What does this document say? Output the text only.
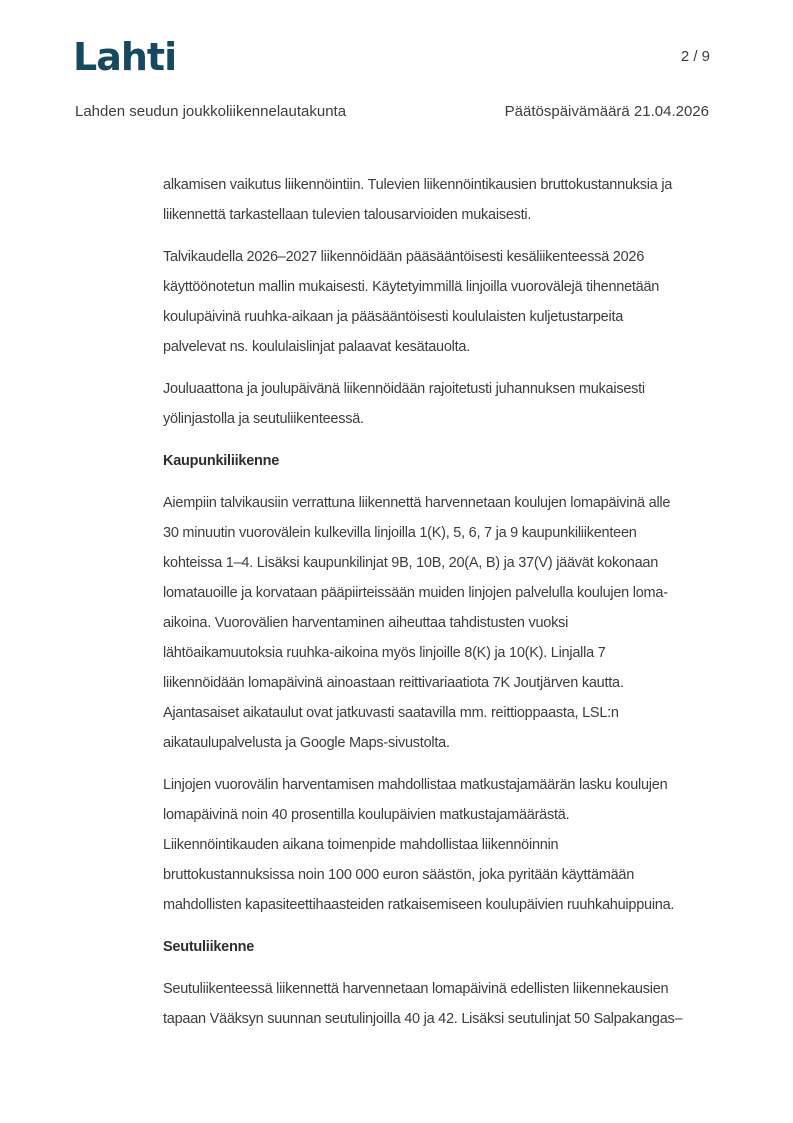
Lahti	2 / 9
Lahden seudun joukkoliikennelautakunta	Päätöspäivämäärä 21.04.2026
alkamisen vaikutus liikennöintiin. Tulevien liikennöintikausien bruttokustannuksia ja
liikennettä tarkastellaan tulevien talousarvioiden mukaisesti.
Talvikaudella 2026–2027 liikennöidään pääsääntöisesti kesäliikenteessä 2026
käyttöönotetun mallin mukaisesti. Käytetyimmillä linjoilla vuorovälejä tihennetään
koulupäivinä ruuhka-aikaan ja pääsääntöisesti koululaisten kuljetustarpeita
palvelevat ns. koululaislinjat palaavat kesätauolta.
Jouluaattona ja joulupäivänä liikennöidään rajoitetusti juhannuksen mukaisesti
yölinjastolla ja seutuliikenteessä.
Kaupunkiliikenne
Aiempiin talvikausiin verrattuna liikennettä harvennetaan koulujen lomapäivinä alle
30 minuutin vuorovälein kulkevilla linjoilla 1(K), 5, 6, 7 ja 9 kaupunkiliikenteen
kohteissa 1–4. Lisäksi kaupunkilinjat 9B, 10B, 20(A, B) ja 37(V) jäävät kokonaan
lomatauoille ja korvataan pääpiirteissään muiden linjojen palvelulla koulujen loma-
aikoina. Vuorovälien harventaminen aiheuttaa tahdistusten vuoksi
lähtöaikamuutoksia ruuhka-aikoina myös linjoille 8(K) ja 10(K). Linjalla 7
liikennöidään lomapäivinä ainoastaan reittivariaatiota 7K Joutjärven kautta.
Ajantasaiset aikataulut ovat jatkuvasti saatavilla mm. reittioppaasta, LSL:n
aikataulupalvelusta ja Google Maps-sivustolta.
Linjojen vuorovälin harventamisen mahdollistaa matkustajamäärän lasku koulujen
lomapäivinä noin 40 prosentilla koulupäivien matkustajamäärästä.
Liikennöintikauden aikana toimenpide mahdollistaa liikennöinnin
bruttokustannuksissa noin 100 000 euron säästön, joka pyritään käyttämään
mahdollisten kapasiteettihaasteiden ratkaisemiseen koulupäivien ruuhkahuippuina.
Seutuliikenne
Seutuliikenteessä liikennettä harvennetaan lomapäivinä edellisten liikennekausien
tapaan Vääksyn suunnan seutulinjoilla 40 ja 42. Lisäksi seutulinjat 50 Salpakangas–
